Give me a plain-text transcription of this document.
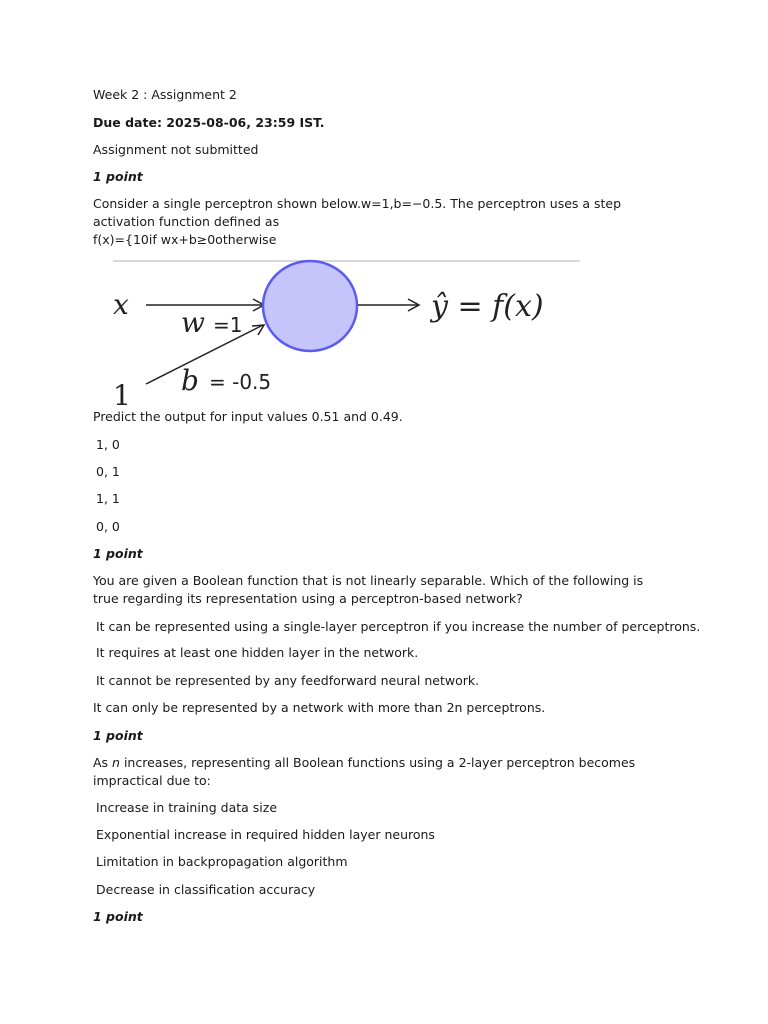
Week 2 : Assignment 2
Due date: 2025-08-06, 23:59 IST.
Assignment not submitted
1 point
Consider a single perceptron shown below.w=1,b=−0.5. The perceptron uses a step activation function defined as
f(x)={10if wx+b≥0otherwise
x
w =1
1 b = -0.5
ŷ = f(x)
Predict the output for input values 0.51 and 0.49.
1, 0
0, 1
1, 1
0, 0
1 point
You are given a Boolean function that is not linearly separable. Which of the following is true regarding its representation using a perceptron-based network?
It can be represented using a single-layer perceptron if you increase the number of perceptrons.
It requires at least one hidden layer in the network.
It cannot be represented by any feedforward neural network.
It can only be represented by a network with more than 2n perceptrons.
1 point
As n increases, representing all Boolean functions using a 2-layer perceptron becomes impractical due to:
Increase in training data size
Exponential increase in required hidden layer neurons
Limitation in backpropagation algorithm
Decrease in classification accuracy
1 point
